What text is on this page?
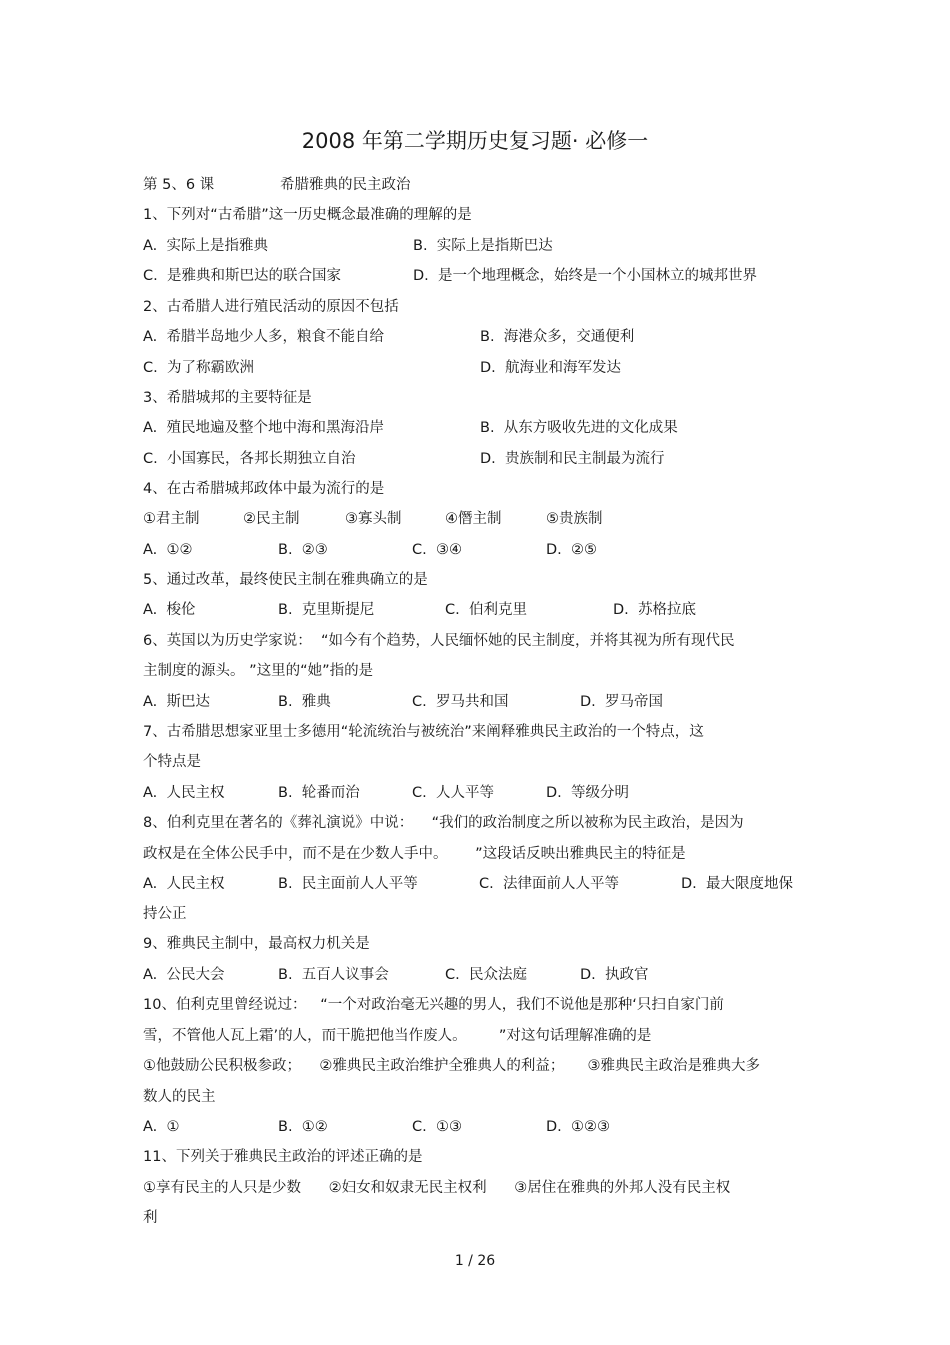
2008 年第二学期历史复习题· 必修一
第 5、6 课	希腊雅典的民主政治
1、下列对“古希腊”这一历史概念最准确的理解的是
A.  实际上是指雅典	B.  实际上是指斯巴达
C.  是雅典和斯巴达的联合国家	D.  是一个地理概念，始终是一个小国林立的城邦世界
2、古希腊人进行殖民活动的原因不包括
A.  希腊半岛地少人多，粮食不能自给	B.  海港众多，交通便利
C.  为了称霸欧洲	D.  航海业和海军发达
3、希腊城邦的主要特征是
A.  殖民地遍及整个地中海和黑海沿岸	B.  从东方吸收先进的文化成果
C.  小国寡民，各邦长期独立自治	D.  贵族制和民主制最为流行
4、在古希腊城邦政体中最为流行的是
①君主制	②民主制	③寡头制	④僭主制	⑤贵族制
A.  ①②	B.  ②③	C.  ③④	D.  ②⑤
5、通过改革，最终使民主制在雅典确立的是
A.  梭伦	B.  克里斯提尼	C.  伯利克里	D.  苏格拉底
6、英国以为历史学家说：  “如今有个趋势，人民缅怀她的民主制度，并将其视为所有现代民
主制度的源头。 ”这里的“她”指的是
A.  斯巴达	B.  雅典	C.  罗马共和国	D.  罗马帝国
7、古希腊思想家亚里士多德用“轮流统治与被统治”来阐释雅典民主政治的一个特点，这
个特点是
A.  人民主权	B.  轮番而治	C.  人人平等	D.  等级分明
8、伯利克里在著名的《葬礼演说》中说：    “我们的政治制度之所以被称为民主政治，是因为
政权是在全体公民手中，而不是在少数人手中。      ”这段话反映出雅典民主的特征是
A.  人民主权	B.  民主面前人人平等	C.  法律面前人人平等	D.  最大限度地保
持公正
9、雅典民主制中，最高权力机关是
A.  公民大会	B.  五百人议事会	C.  民众法庭	D.  执政官
10、伯利克里曾经说过：   “一个对政治毫无兴趣的男人，我们不说他是那种‘只扫自家门前
雪，不管他人瓦上霜’的人，而干脆把他当作废人。       ”对这句话理解准确的是
①他鼓励公民积极参政；    ②雅典民主政治维护全雅典人的利益；     ③雅典民主政治是雅典大多
数人的民主
A.  ①	B.  ①②	C.  ①③	D.  ①②③
11、下列关于雅典民主政治的评述正确的是
①享有民主的人只是少数      ②妇女和奴隶无民主权利      ③居住在雅典的外邦人没有民主权
利
1 / 26
